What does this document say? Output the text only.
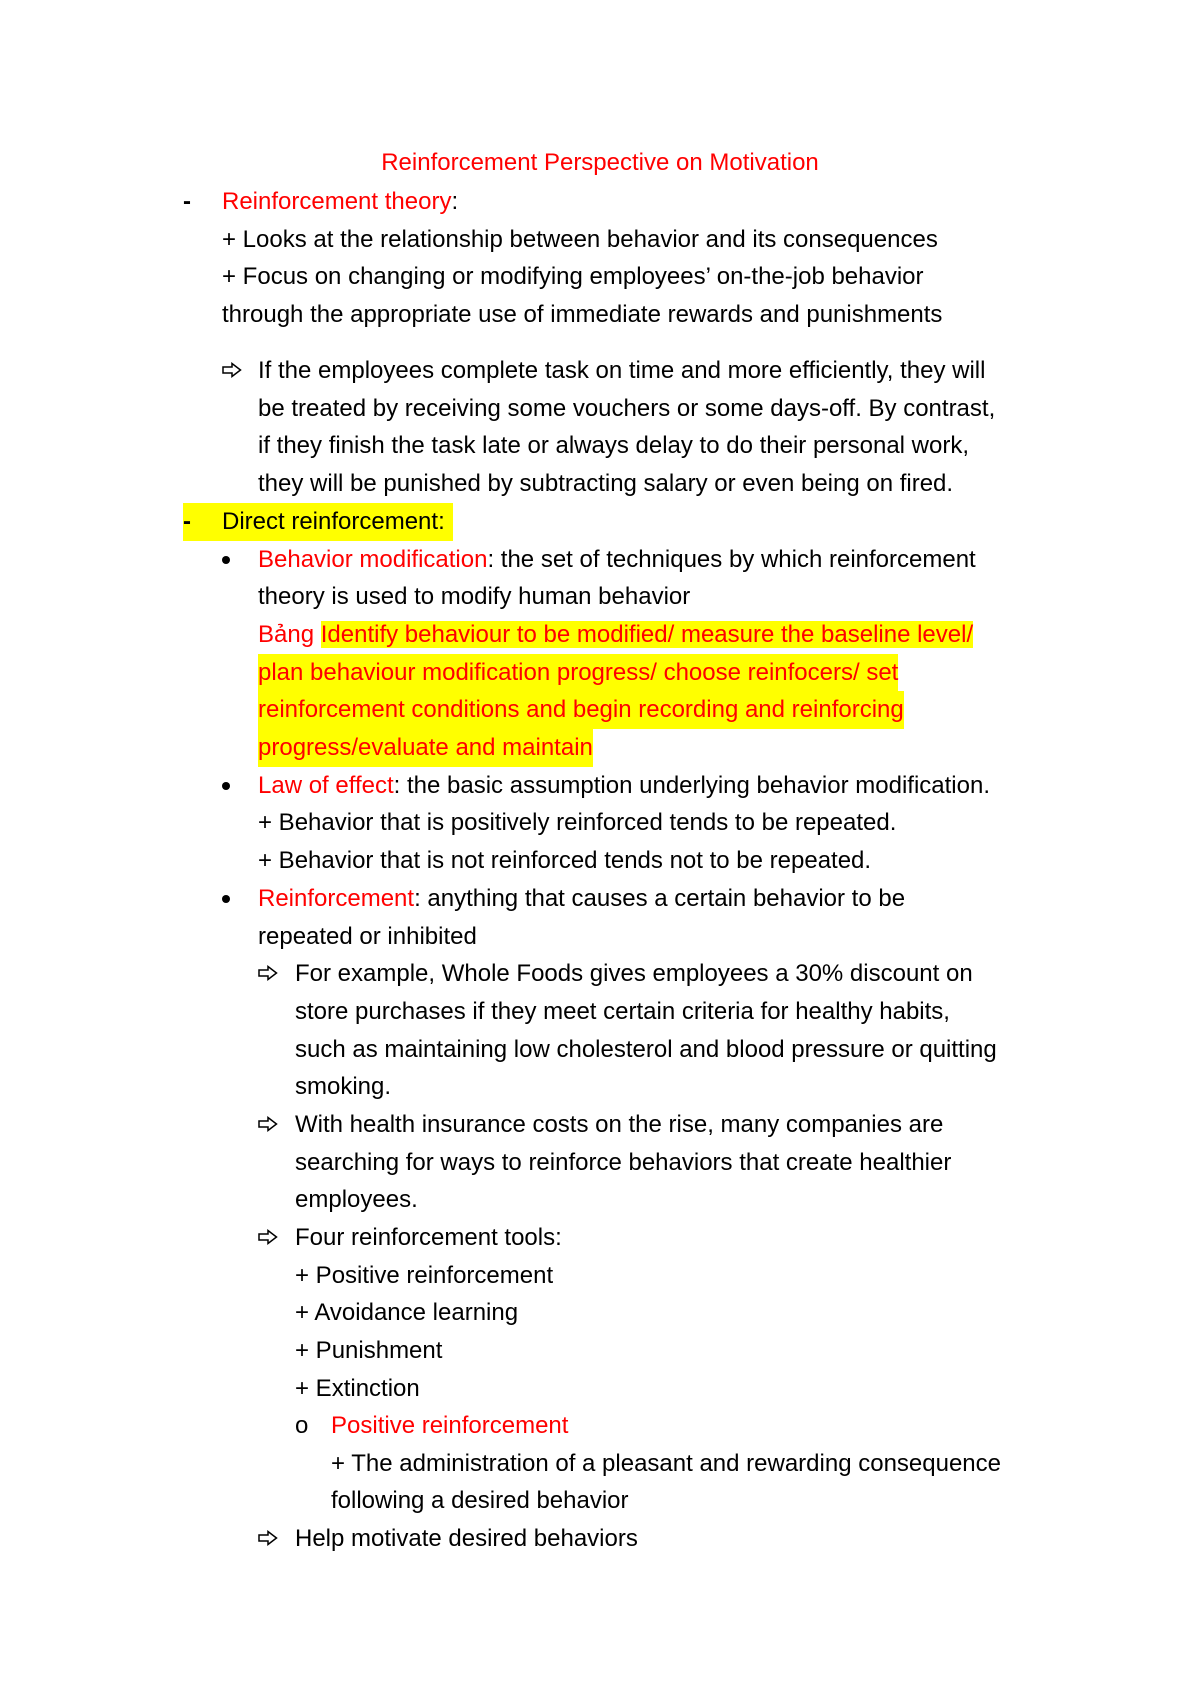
Reinforcement Perspective on Motivation
- Reinforcement theory:
+ Looks at the relationship between behavior and its consequences
+ Focus on changing or modifying employees’ on-the-job behavior
through the appropriate use of immediate rewards and punishments
If the employees complete task on time and more efficiently, they will
be treated by receiving some vouchers or some days-off. By contrast,
if they finish the task late or always delay to do their personal work,
they will be punished by subtracting salary or even being on fired.
- Direct reinforcement:
Behavior modification: the set of techniques by which reinforcement
theory is used to modify human behavior
Bảng Identify behaviour to be modified/ measure the baseline level/
plan behaviour modification progress/ choose reinfocers/ set
reinforcement conditions and begin recording and reinforcing
progress/evaluate and maintain
Law of effect: the basic assumption underlying behavior modification.
+ Behavior that is positively reinforced tends to be repeated.
+ Behavior that is not reinforced tends not to be repeated.
Reinforcement: anything that causes a certain behavior to be
repeated or inhibited
For example, Whole Foods gives employees a 30% discount on
store purchases if they meet certain criteria for healthy habits,
such as maintaining low cholesterol and blood pressure or quitting
smoking.
With health insurance costs on the rise, many companies are
searching for ways to reinforce behaviors that create healthier
employees.
Four reinforcement tools:
+ Positive reinforcement
+ Avoidance learning
+ Punishment
+ Extinction
o Positive reinforcement
+ The administration of a pleasant and rewarding consequence
following a desired behavior
Help motivate desired behaviors
